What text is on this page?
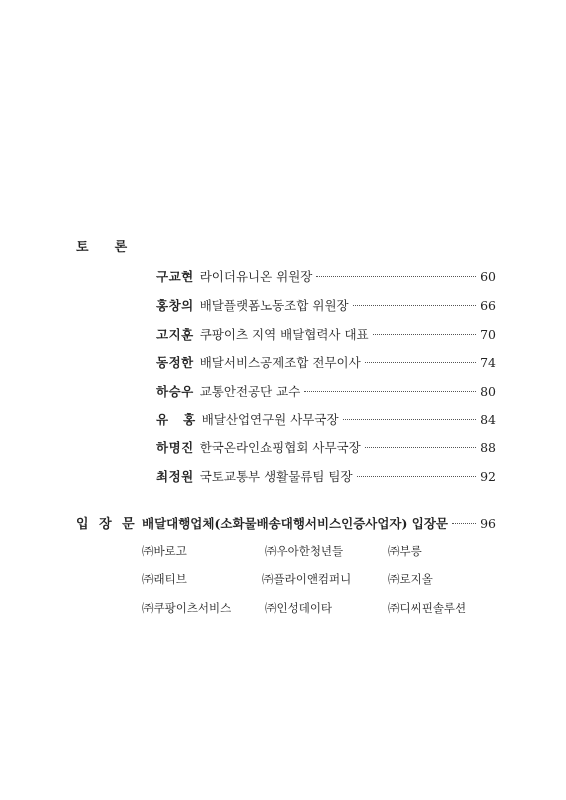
토 론
구교현 라이더유니온 위원장	60
홍창의 배달플랫폼노동조합 위원장	66
고지훈 쿠팡이츠 지역 배달협력사 대표	70
동정한 배달서비스공제조합 전무이사	74
하승우 교통안전공단 교수	80
유   홍 배달산업연구원 사무국장	84
하명진 한국온라인쇼핑협회 사무국장	88
최정원 국토교통부 생활물류팀 팀장	92
입 장 문 배달대행업체(소화물배송대행서비스인증사업자) 입장문	96
㈜바로고	㈜우아한청년들	㈜부릉
㈜래티브	㈜플라이앤컴퍼니	㈜로지올
㈜쿠팡이츠서비스	㈜인성데이타	㈜디씨핀솔루션
